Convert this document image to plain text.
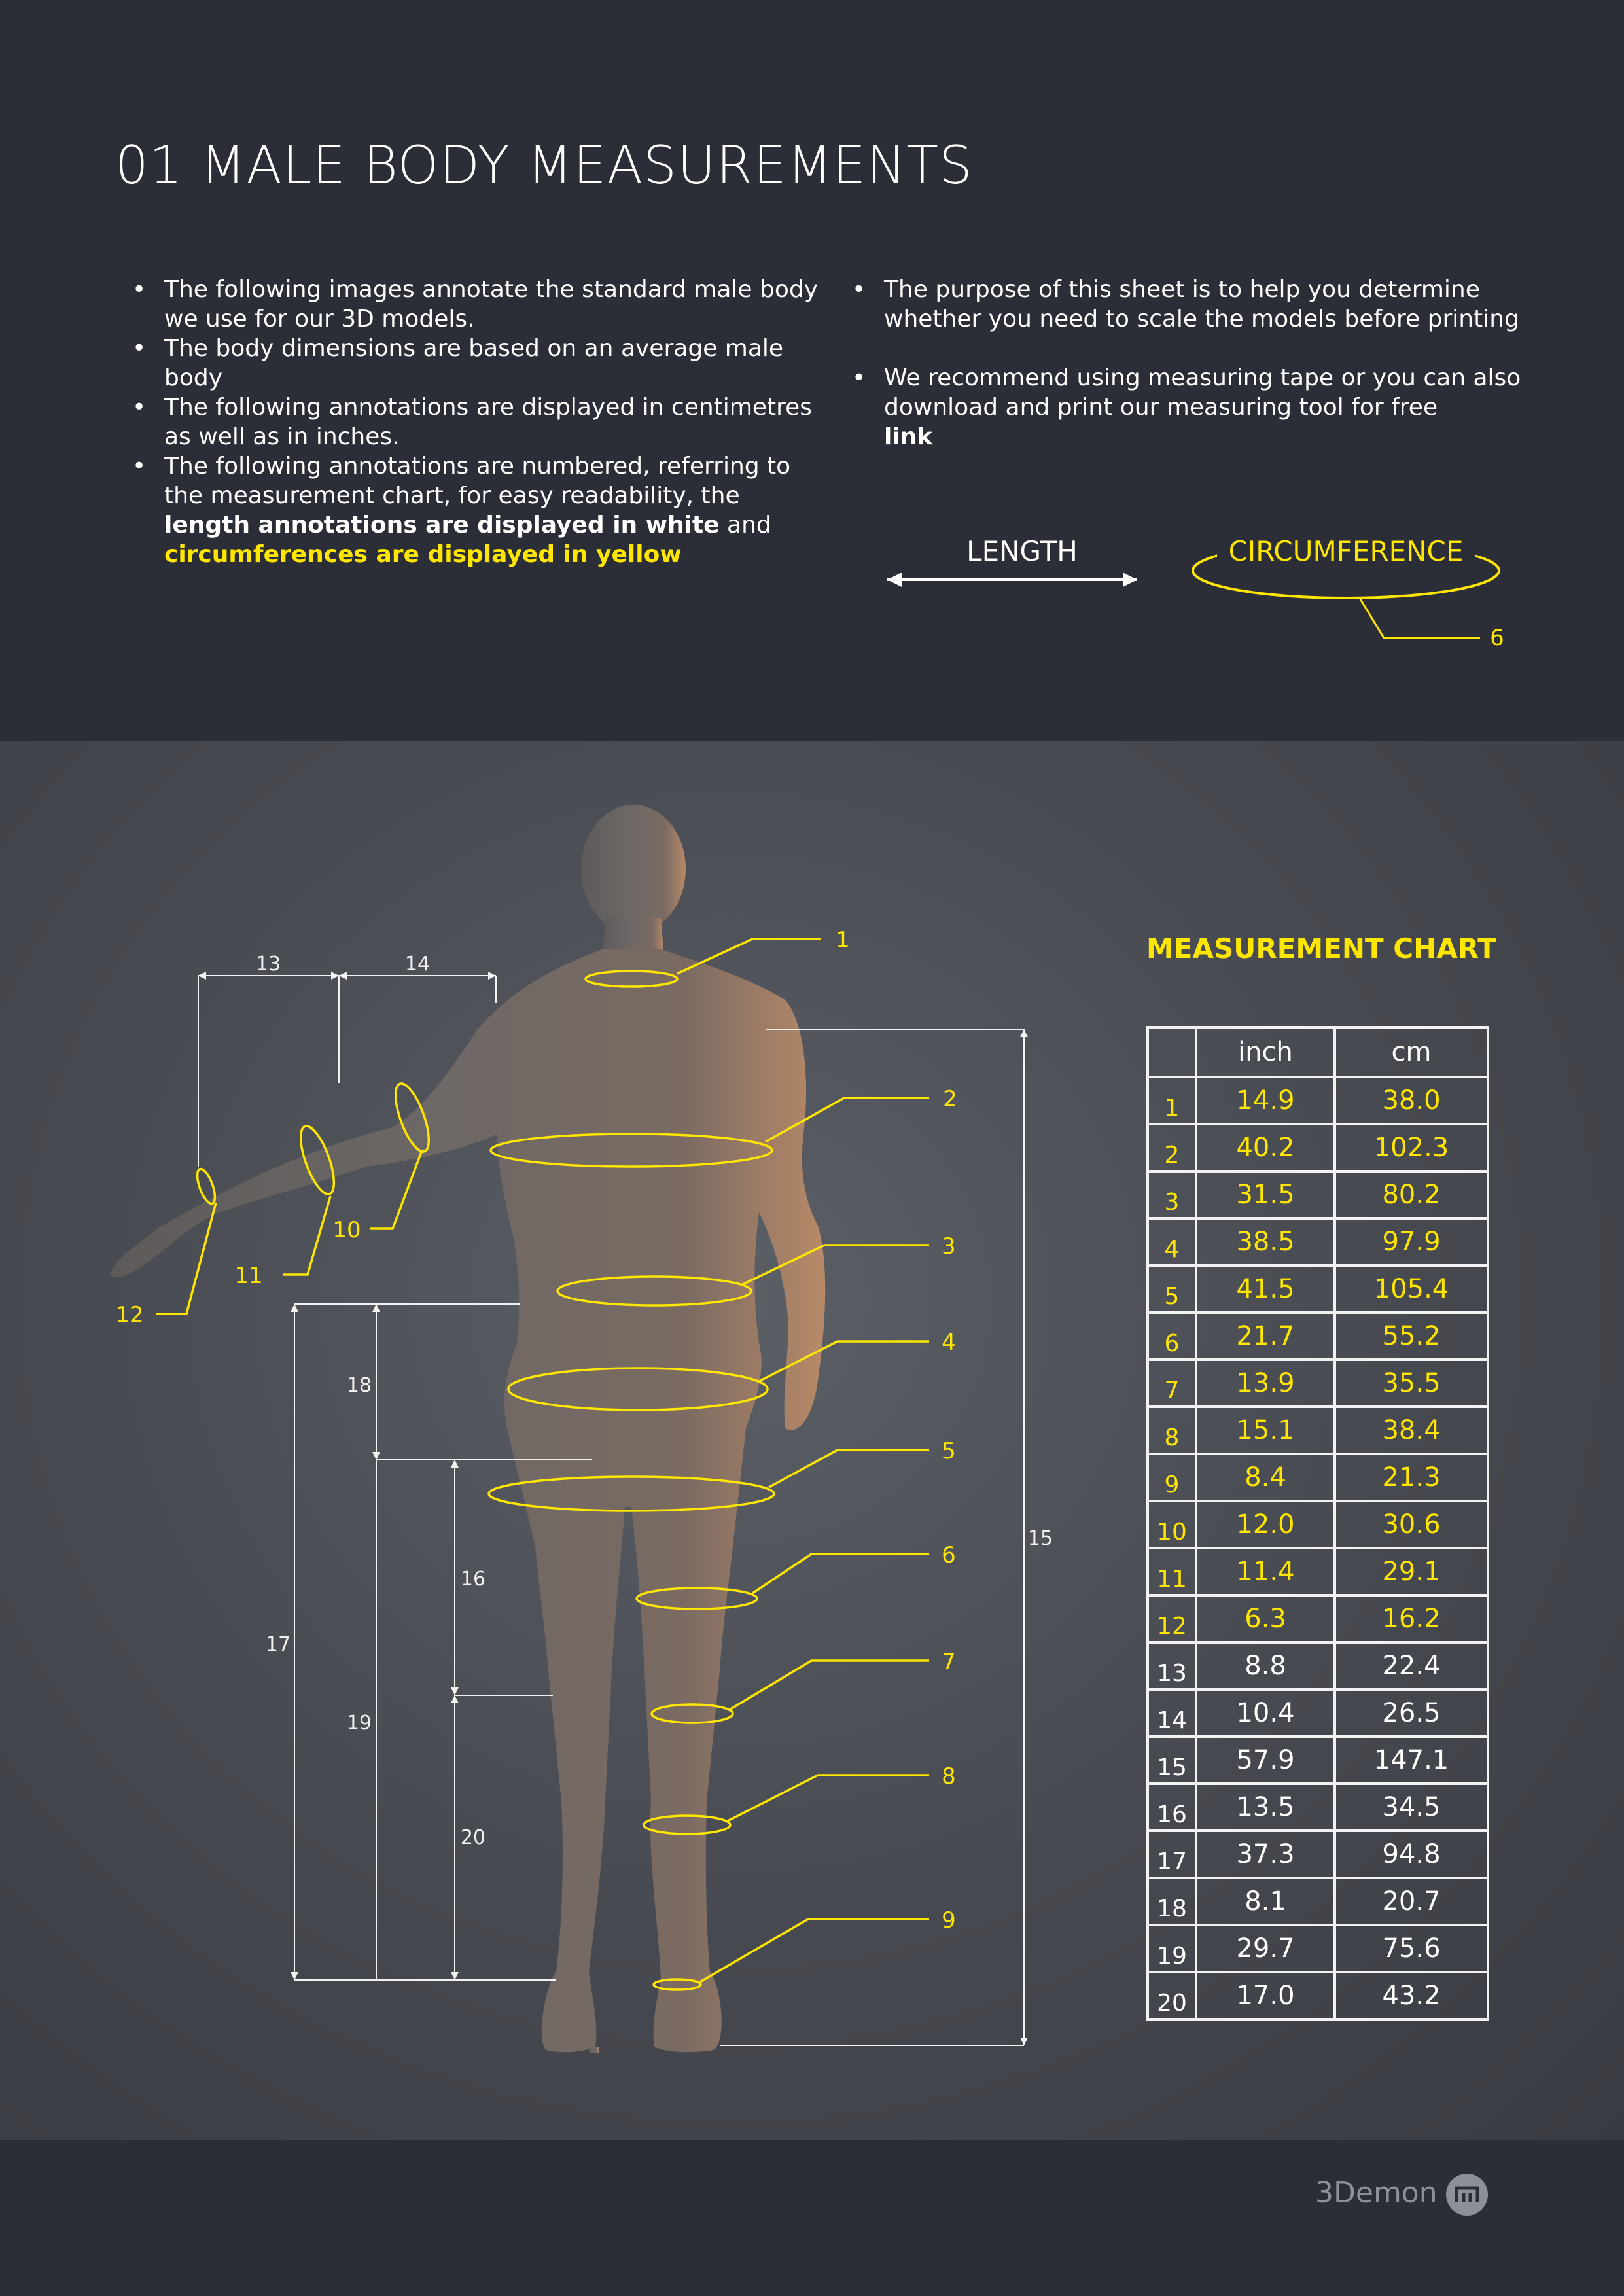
01 MALE BODY MEASUREMENTS
• The following images annotate the standard male body we use for our 3D models.
• The body dimensions are based on an average male body
• The following annotations are displayed in centimetres as well as in inches.
• The following annotations are numbered, referring to the measurement chart, for easy readability, the
length annotations are displayed in white and
circumferences are displayed in yellow
• The purpose of this sheet is to help you determine whether you need to scale the models before printing
• We recommend using measuring tape or you can also download and print our measuring tool for free
link
LENGTH	CIRCUMFERENCE
6
1
2
3
4
5
6
7
8
9
10
11
12
13	14
15
16
17
18
19
20
MEASUREMENT CHART
	inch	cm
1	14.9	38.0
2	40.2	102.3
3	31.5	80.2
4	38.5	97.9
5	41.5	105.4
6	21.7	55.2
7	13.9	35.5
8	15.1	38.4
9	8.4	21.3
10	12.0	30.6
11	11.4	29.1
12	6.3	16.2
13	8.8	22.4
14	10.4	26.5
15	57.9	147.1
16	13.5	34.5
17	37.3	94.8
18	8.1	20.7
19	29.7	75.6
20	17.0	43.2
3Demon
